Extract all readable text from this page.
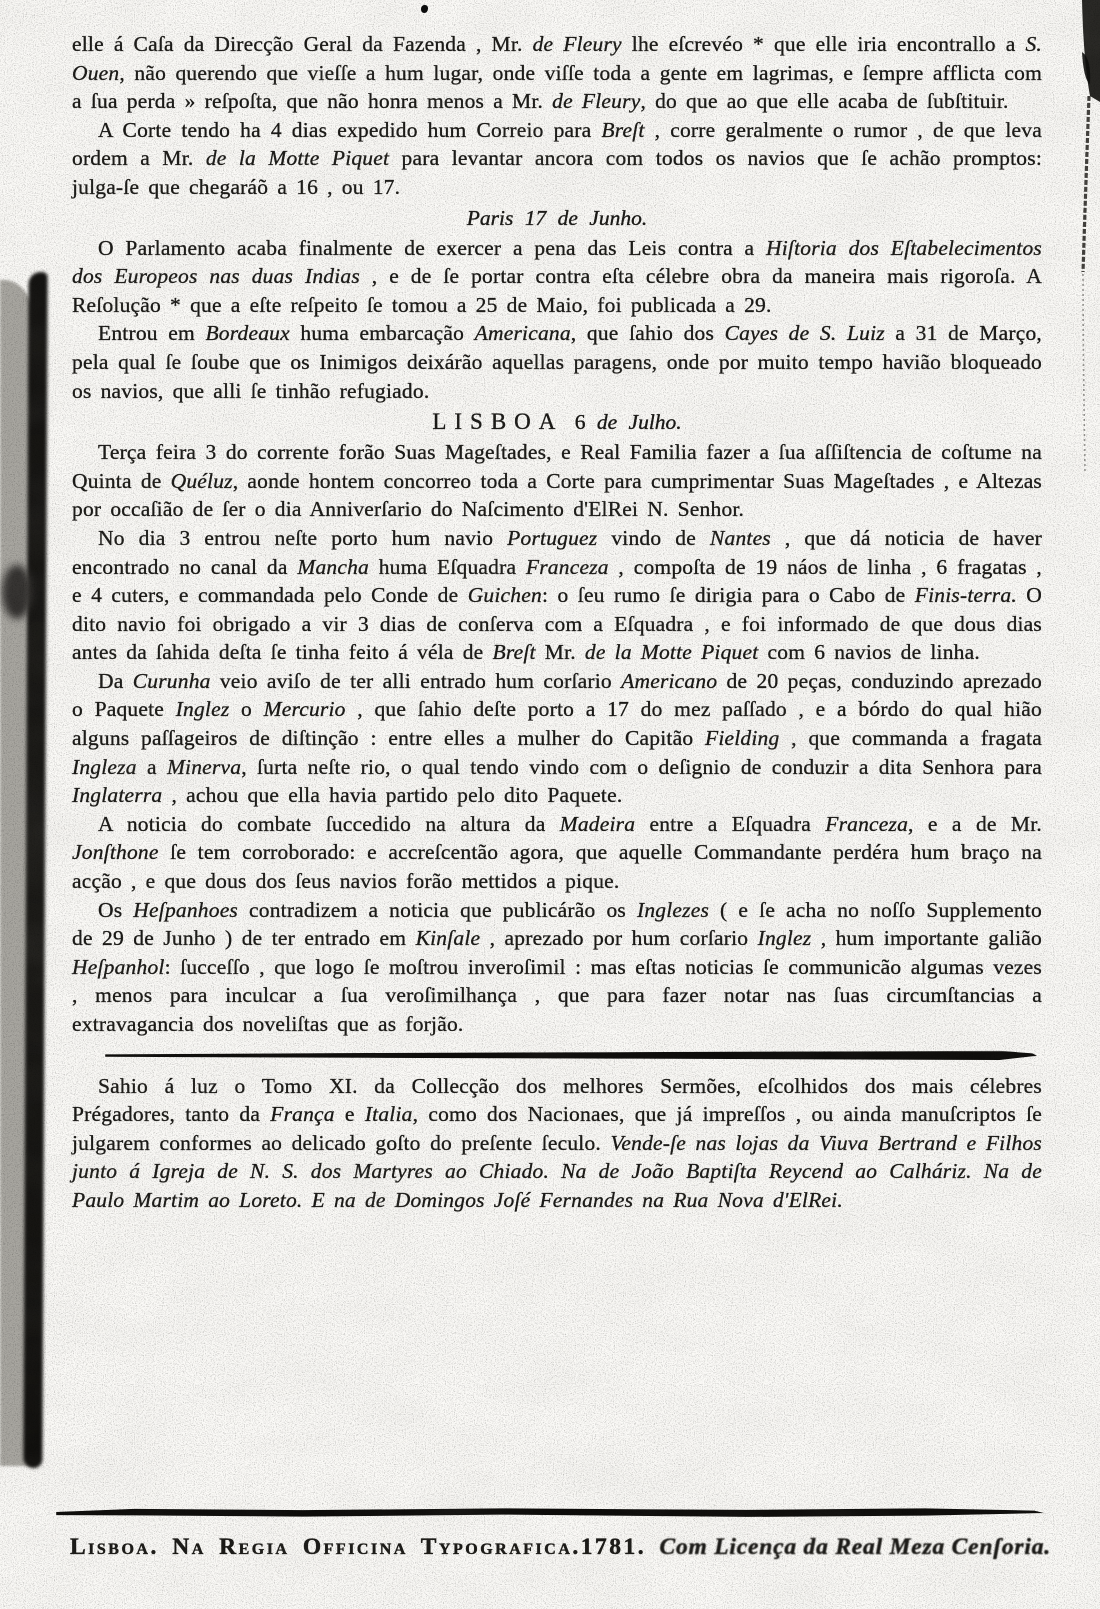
elle á Caſa da Direcção Geral da Fazenda , Mr. de Fleury lhe eſcrevéo * que elle iria encontrallo a S. Ouen, não querendo que vieſſe a hum lugar, onde viſſe toda a gente em lagrimas, e ſempre afflicta com a ſua perda » reſpoſta, que não honra menos a Mr. de Fleury, do que ao que elle acaba de ſubſtituir.

A Corte tendo ha 4 dias expedido hum Correio para Breſt , corre geralmente o rumor , de que leva ordem a Mr. de la Motte Piquet para levantar ancora com todos os navios que ſe achão promptos: julga-ſe que chegaráõ a 16 , ou 17.

Paris 17 de Junho.

O Parlamento acaba finalmente de exercer a pena das Leis contra a Hiſtoria dos Eſtabelecimentos dos Europeos nas duas Indias , e de ſe portar contra eſta célebre obra da maneira mais rigoroſa. A Reſolução * que a eſte reſpeito ſe tomou a 25 de Maio, foi publicada a 29.

Entrou em Bordeaux huma embarcação Americana, que ſahio dos Cayes de S. Luiz a 31 de Março, pela qual ſe ſoube que os Inimigos deixárão aquellas paragens, onde por muito tempo havião bloqueado os navios, que alli ſe tinhão refugiado.

LISBOA 6 de Julho.

Terça feira 3 do corrente forão Suas Mageſtades, e Real Familia fazer a ſua aſſiſtencia de coſtume na Quinta de Quéluz, aonde hontem concorreo toda a Corte para cumprimentar Suas Mageſtades , e Altezas por occaſião de ſer o dia Anniverſario do Naſcimento d'ElRei N. Senhor.

No dia 3 entrou neſte porto hum navio Portuguez vindo de Nantes , que dá noticia de haver encontrado no canal da Mancha huma Eſquadra Franceza , compoſta de 19 náos de linha , 6 fragatas , e 4 cuters, e commandada pelo Conde de Guichen: o ſeu rumo ſe dirigia para o Cabo de Finis-terra. O dito navio foi obrigado a vir 3 dias de conſerva com a Eſquadra , e foi informado de que dous dias antes da ſahida deſta ſe tinha feito á véla de Breſt Mr. de la Motte Piquet com 6 navios de linha.

Da Curunha veio aviſo de ter alli entrado hum corſario Americano de 20 peças, conduzindo aprezado o Paquete Inglez o Mercurio , que ſahio deſte porto a 17 do mez paſſado , e a bórdo do qual hião alguns paſſageiros de diſtinção : entre elles a mulher do Capitão Fielding , que commanda a fragata Ingleza a Minerva, ſurta neſte rio, o qual tendo vindo com o deſignio de conduzir a dita Senhora para Inglaterra , achou que ella havia partido pelo dito Paquete.

A noticia do combate ſuccedido na altura da Madeira entre a Eſquadra Franceza, e a de Mr. Jonſthone ſe tem corroborado: e accreſcentão agora, que aquelle Commandante perdéra hum braço na acção , e que dous dos ſeus navios forão mettidos a pique.

Os Heſpanhoes contradizem a noticia que publicárão os Inglezes ( e ſe acha no noſſo Supplemento de 29 de Junho ) de ter entrado em Kinſale , aprezado por hum corſario Inglez , hum importante galião Heſpanhol: ſucceſſo , que logo ſe moſtrou inveroſimil : mas eſtas noticias ſe communicão algumas vezes , menos para inculcar a ſua veroſimilhança , que para fazer notar nas ſuas circumſtancias a extravagancia dos noveliſtas que as forjão.

Sahio á luz o Tomo XI. da Collecção dos melhores Sermões, eſcolhidos dos mais célebres Prégadores, tanto da França e Italia, como dos Nacionaes, que já impreſſos , ou ainda manuſcriptos ſe julgarem conformes ao delicado goſto do preſente ſeculo. Vende-ſe nas lojas da Viuva Bertrand e Filhos junto á Igreja de N. S. dos Martyres ao Chiado. Na de João Baptiſta Reycend ao Calháriz. Na de Paulo Martim ao Loreto. E na de Domingos Joſé Fernandes na Rua Nova d'ElRei.

Lisboa. Na Regia Officina Typografica.1781. Com Licença da Real Meza Cenſoria.
